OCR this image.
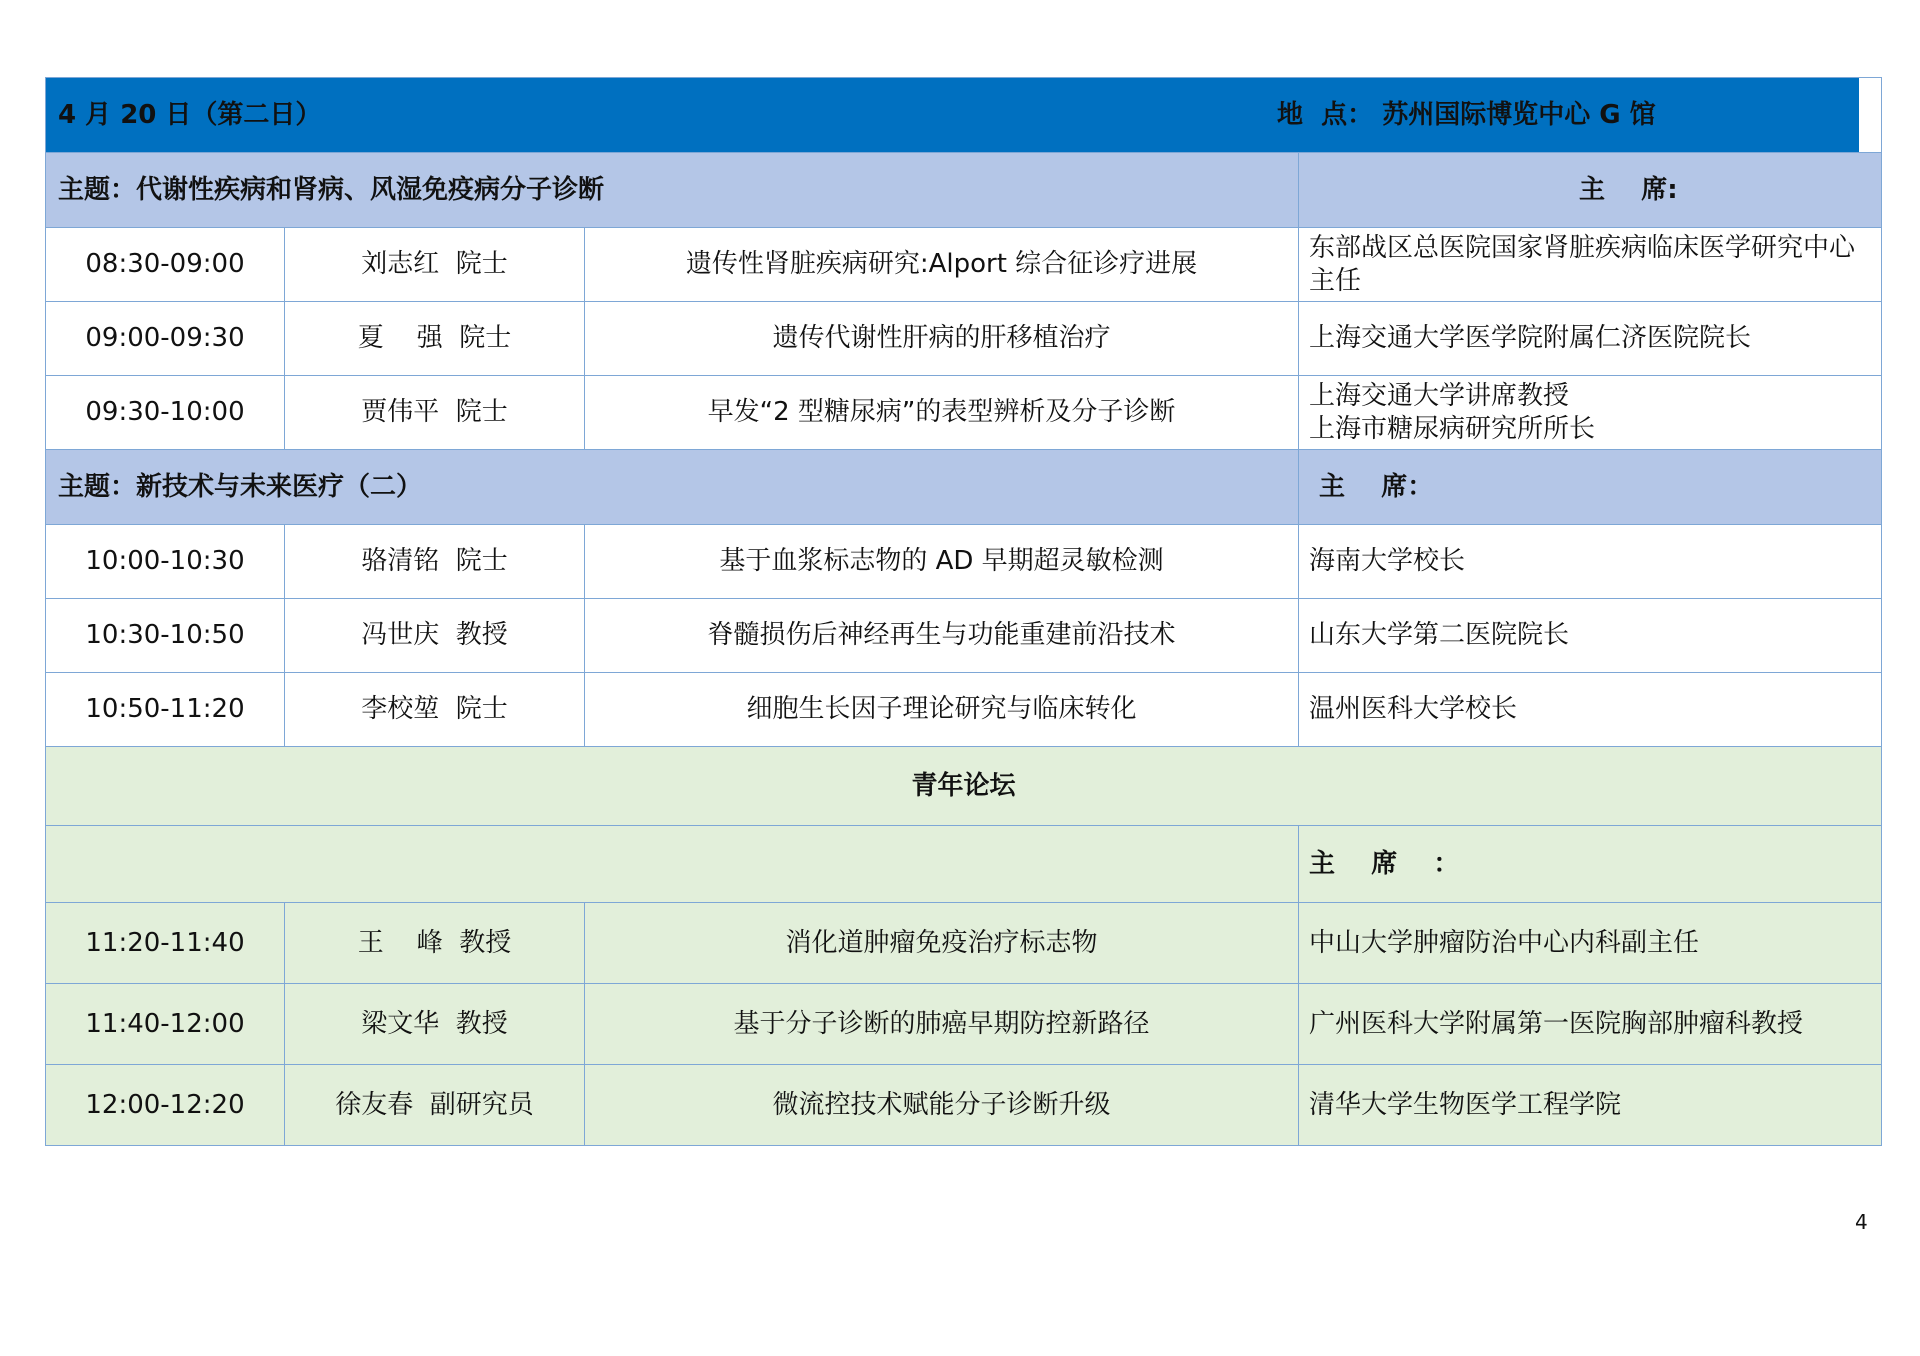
4 月 20 日（第二日）	地  点： 苏州国际博览中心 G 馆
主题：代谢性疾病和肾病、风湿免疫病分子诊断	主    席:
08:30-09:00	刘志红  院士	遗传性肾脏疾病研究:Alport 综合征诊疗进展	东部战区总医院国家肾脏疾病临床医学研究中心主任
09:00-09:30	夏    强  院士	遗传代谢性肝病的肝移植治疗	上海交通大学医学院附属仁济医院院长
09:30-10:00	贾伟平  院士	早发“2 型糖尿病”的表型辨析及分子诊断	上海交通大学讲席教授
上海市糖尿病研究所所长
主题：新技术与未来医疗（二）	主    席：
10:00-10:30	骆清铭  院士	基于血浆标志物的 AD 早期超灵敏检测	海南大学校长
10:30-10:50	冯世庆  教授	脊髓损伤后神经再生与功能重建前沿技术	山东大学第二医院院长
10:50-11:20	李校堃  院士	细胞生长因子理论研究与临床转化	温州医科大学校长
青年论坛
	主    席    ：
11:20-11:40	王    峰  教授	消化道肿瘤免疫治疗标志物	中山大学肿瘤防治中心内科副主任
11:40-12:00	梁文华  教授	基于分子诊断的肺癌早期防控新路径	广州医科大学附属第一医院胸部肿瘤科教授
12:00-12:20	徐友春  副研究员	微流控技术赋能分子诊断升级	清华大学生物医学工程学院
4
